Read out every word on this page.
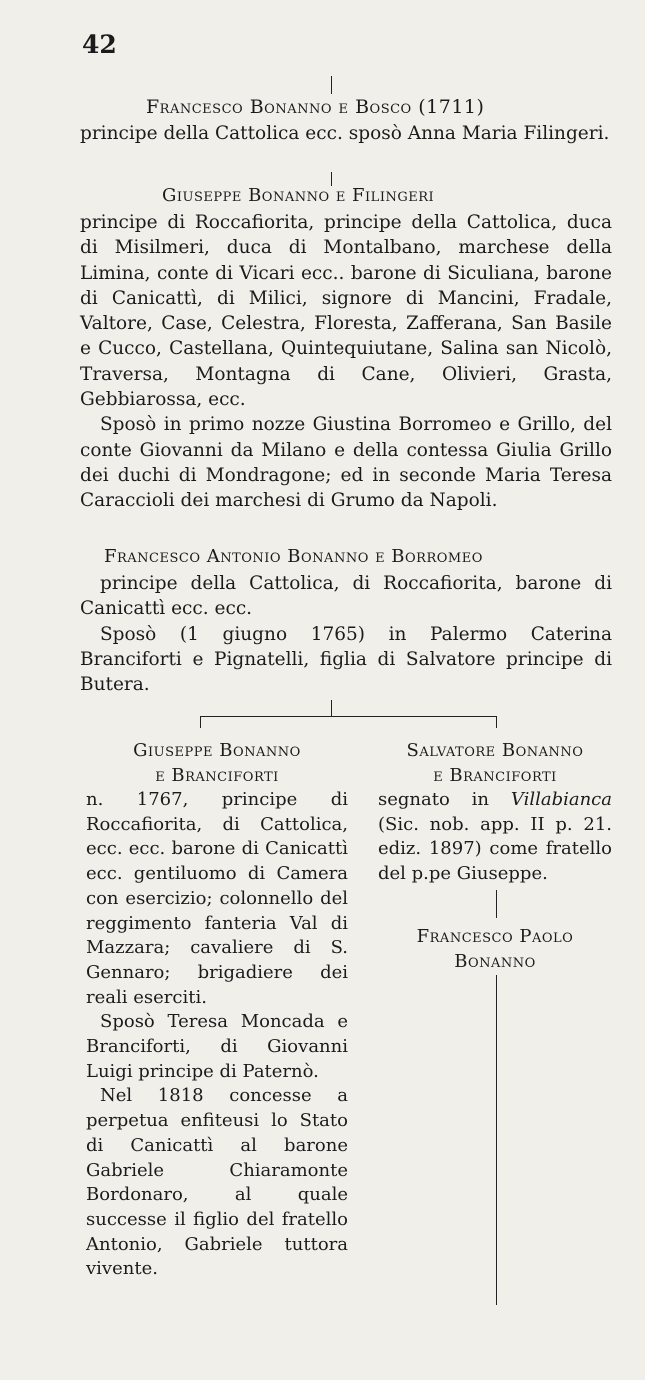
42
Francesco Bonanno e Bosco (1711)

principe della Cattolica ecc. sposò Anna Maria Filingeri.

Giuseppe Bonanno e Filingeri

principe di Roccafiorita, principe della Cattolica, duca di Misilmeri, duca di Montalbano, marchese della Limina, conte di Vicari ecc.. barone di Siculiana, barone di Canicattì, di Milici, signore di Mancini, Fradale, Valtore, Case, Celestra, Floresta, Zafferana, San Basile e Cucco, Castellana, Quintequiutane, Salina san Nicolò, Traversa, Montagna di Cane, Olivieri, Grasta, Gebbiarossa, ecc.

Sposò in primo nozze Giustina Borromeo e Grillo, del conte Giovanni da Milano e della contessa Giulia Grillo dei duchi di Mondragone; ed in seconde Maria Teresa Caraccioli dei marchesi di Grumo da Napoli.

Francesco Antonio Bonanno e Borromeo

principe della Cattolica, di Roccafiorita, barone di Canicattì ecc. ecc.

Sposò (1 giugno 1765) in Palermo Caterina Branciforti e Pignatelli, figlia di Salvatore principe di Butera.

Giuseppe Bonanno
e Branciforti

n. 1767, principe di Roccafiorita, di Cattolica, ecc. ecc. barone di Canicattì ecc. gentiluomo di Camera con esercizio; colonnello del reggimento fanteria Val di Mazzara; cavaliere di S. Gennaro; brigadiere dei reali eserciti.

Sposò Teresa Moncada e Branciforti, di Giovanni Luigi principe di Paternò.

Nel 1818 concesse a perpetua enfiteusi lo Stato di Canicattì al barone Gabriele Chiaramonte Bordonaro, al quale successe il figlio del fratello Antonio, Gabriele tuttora vivente.

Salvatore Bonanno
e Branciforti

segnato in Villabianca (Sic. nob. app. II p. 21. ediz. 1897) come fratello del p.pe Giuseppe.

Francesco Paolo
Bonanno
